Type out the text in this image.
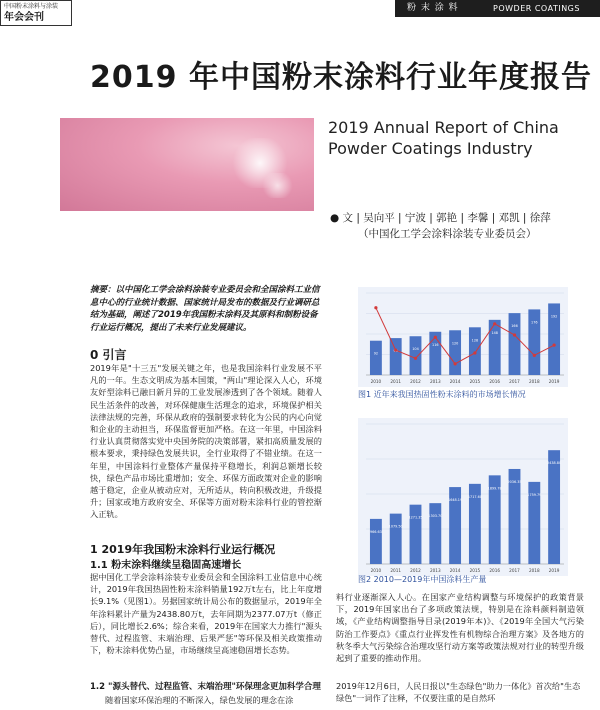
中国粉末涂料与涂装
年会会刊
粉 末 涂 料	POWDER COATINGS
2019 年中国粉末涂料行业年度报告
2019 Annual Report of China Powder Coatings Industry
● 文 | 吴向平 | 宁波 | 郭艳 | 李馨 | 邓凯 | 徐萍
（中国化工学会涂料涂装专业委员会）
摘要：以中国化工学会涂料涂装专业委员会和全国涂料工业信息中心的行业统计数据、国家统计局发布的数据及行业调研总结为基础，阐述了2019年我国粉末涂料及其原料和制粉设备行业运行概况，提出了未来行业发展建议。
0 引言
2019年是"十三五"发展关键之年，也是我国涂料行业发展不平凡的一年。生态文明成为基本国策，"两山"理论深入人心，环境友好型涂料已融日新月异的工业发展渗透到了各个领域。随着人民生活条件的改善，对环保健康生活理念的追求，环境保护相关法律法规的完善，环保从政府的强制要求转化为公民的内心向觉和企业的主动担当，环保监督更加严格。在这一年里，中国涂料行业认真贯彻落实党中央国务院的决策部署，紧扣高质量发展的根本要求，秉持绿色发展共识，全行业取得了不错业绩。在这一年里，中国涂料行业整体产量保持平稳增长，利润总额增长较快，绿色产品市场比重增加；安全、环保方面政策对企业的影响越于稳定，企业从被动应对，无所适从，转向积极改进，升级提升；国家或地方政府安全、环保等方面对粉末涂料行业的管控渐入正轨。
1 2019年我国粉末涂料行业运行概况
1.1 粉末涂料继续呈稳固高速增长
据中国化工学会涂料涂装专业委员会和全国涂料工业信息中心统计，2019年我国热固性粉末涂料销量192万t左右，比上年度增长9.1%（见图1）。另据国家统计局公布的数据显示，2019年全年涂料累计产量为2438.80万t，去年同期为2377.07万t（修正后），同比增长2.6%；综合来看，2019年在国家大力推行"源头替代、过程监管、末端治理、后果严惩"等环保及相关政策推动下，粉末涂料优势凸显，市场继续呈高速稳固增长态势。
1.2 "源头替代、过程监管、末端治理"环保理念更加科学合理
随着国家环保治理的不断深入，绿色发展的理念在涂
92
2010 2011
104
2012
116
2013
120
2014
128
2015
148
2016
166
2017
176
2018
192
2019
图1 近年来我国热固性粉末涂料的市场增长情况
966.63
2010
1079.50
2011
1271.35
2012
1303.70
2013
1648.19
2014
1717.60
2015
1899.78
2016
2036.35
2017
1759.79
2018
2438.80
2019
图2 2010—2019年中国涂料生产量
料行业逐渐深入人心。在国家产业结构调整与环境保护的政策背景下，2019年国家出台了多项政策法规，特别是在涂料颜料制造领域，《产业结构调整指导目录(2019年本)》、《2019年全国大气污染防治工作要点》《重点行业挥发性有机物综合治理方案》及各地方的秋冬季大气污染综合治理攻坚行动方案等政策法规对行业的转型升级起到了重要的推动作用。
2019年12月6日，人民日报以"生态绿色"助力一体化》首次给"生态绿色"一词作了注释，不仅要注重的是自然环
